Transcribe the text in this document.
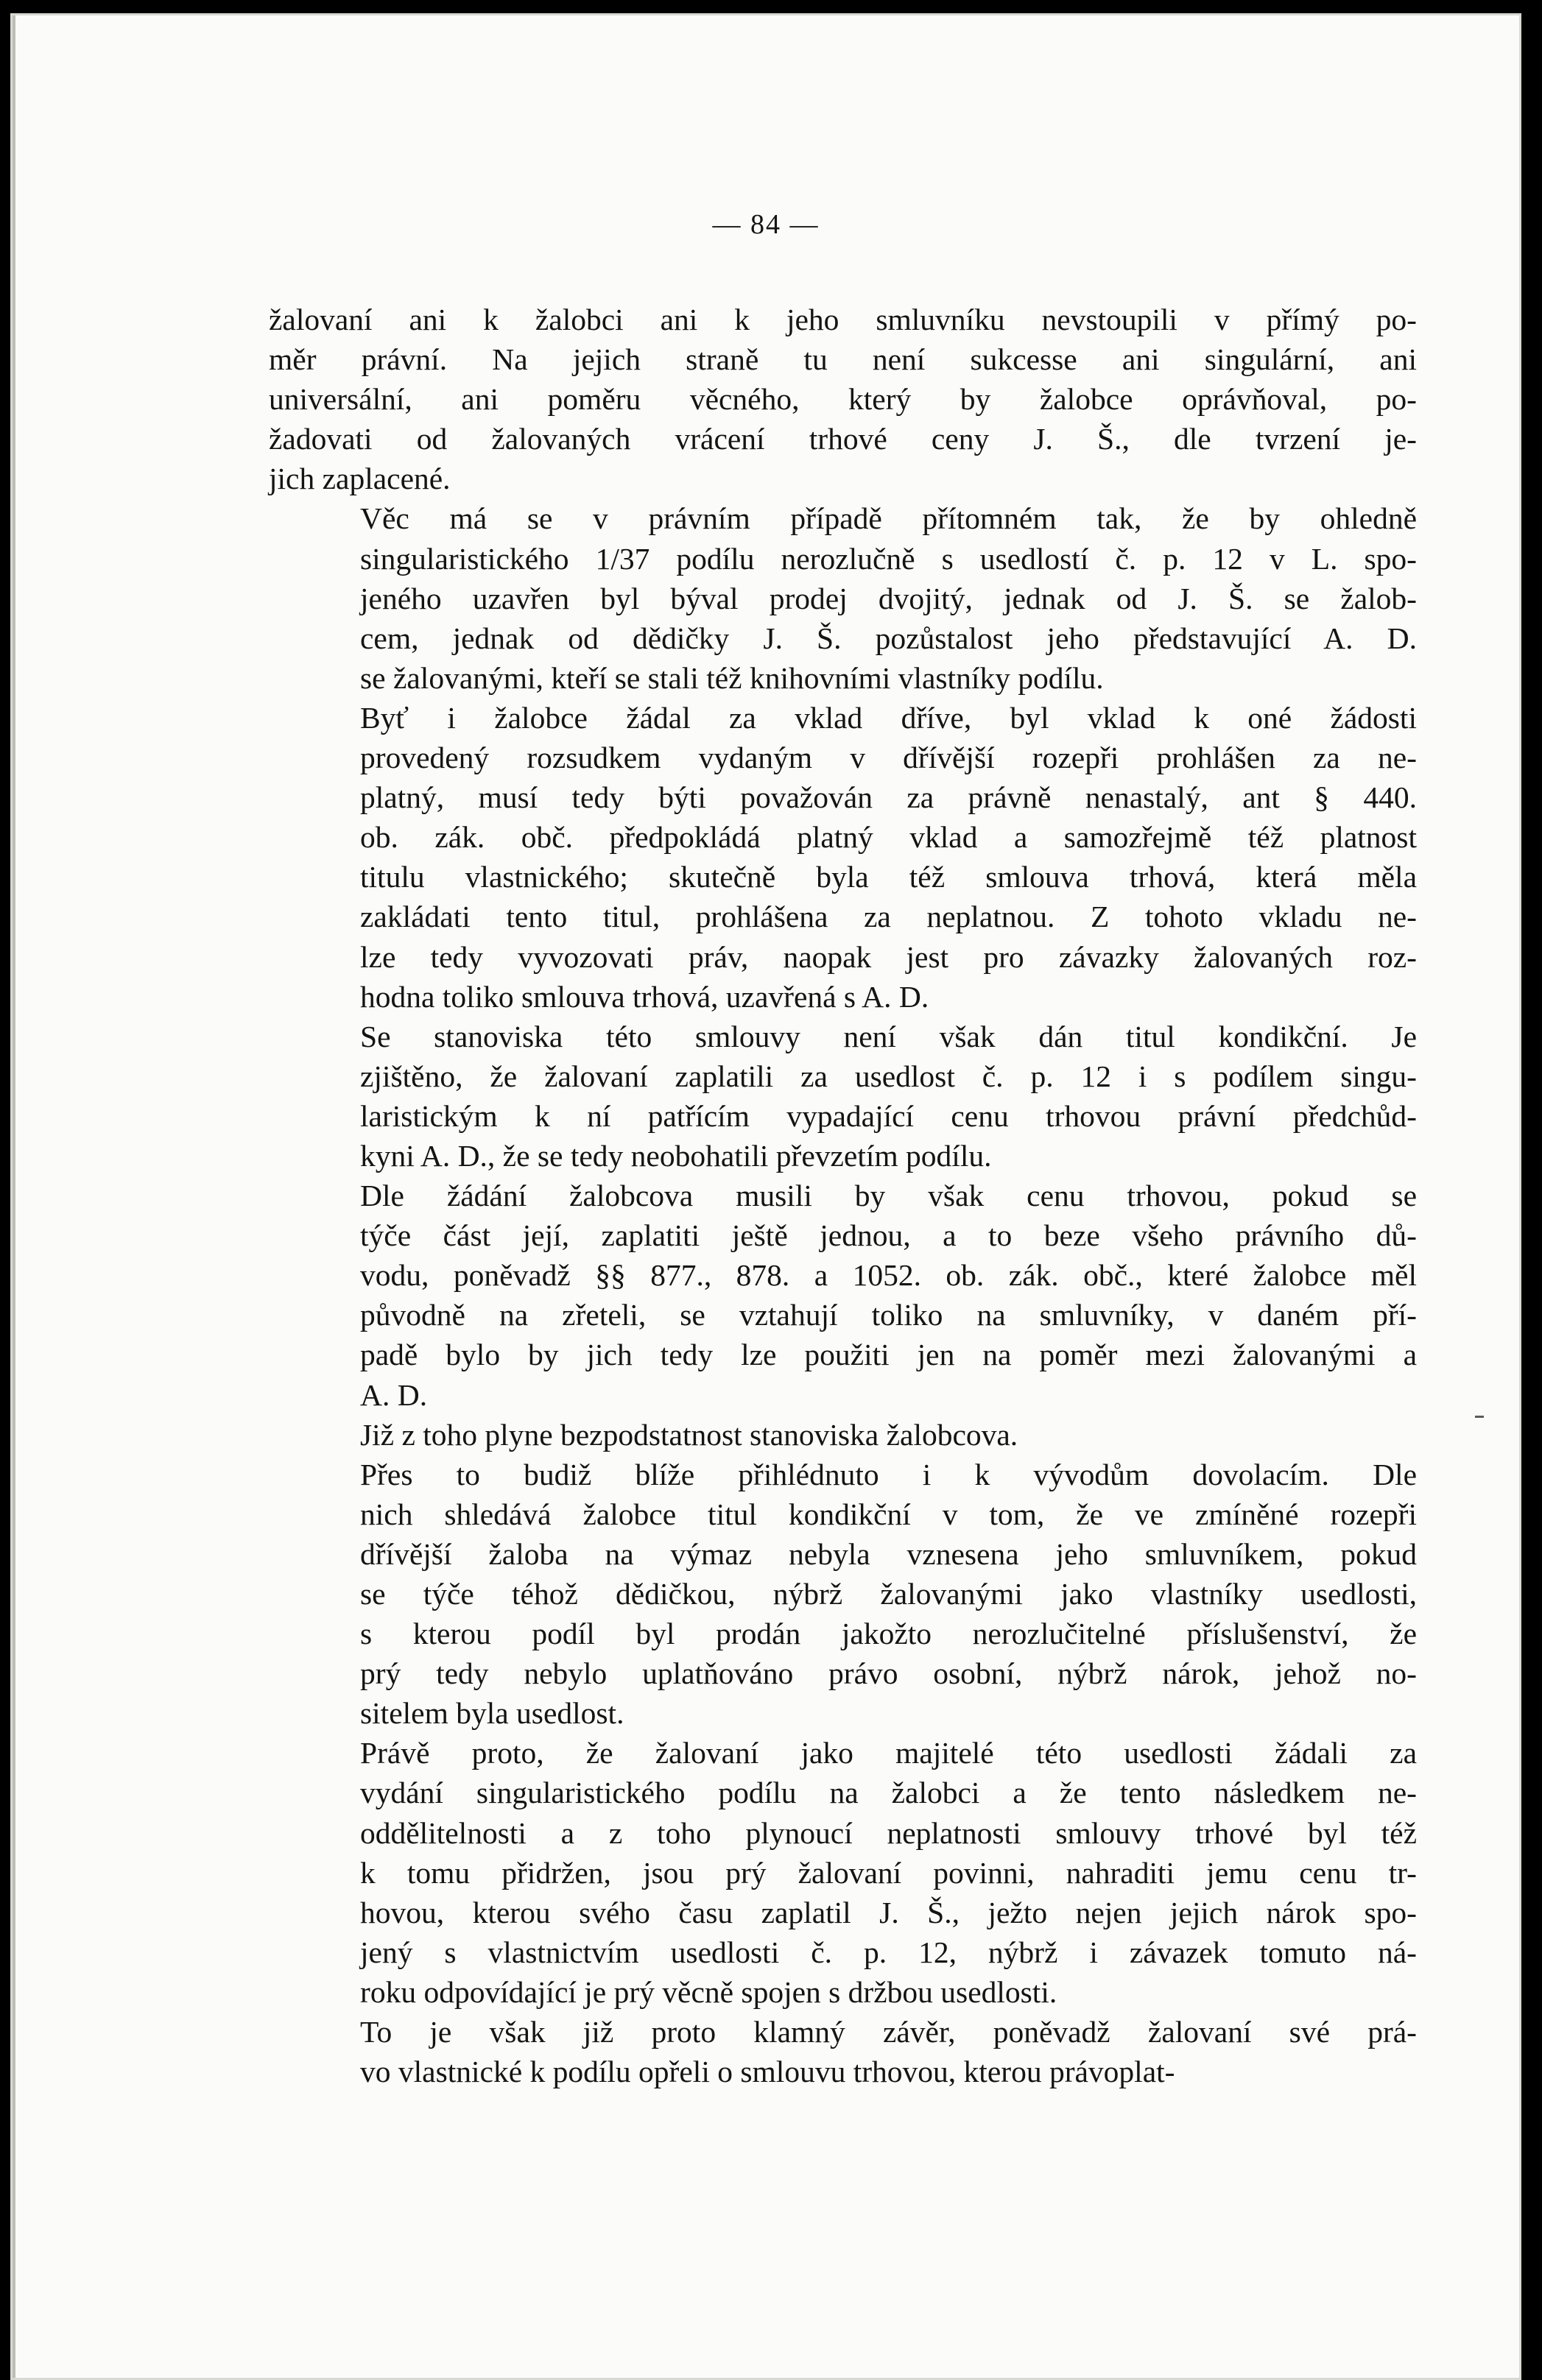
— 84 —

žalovaní ani k žalobci ani k jeho smluvníku nevstoupili v přímý po-
měr právní. Na jejich straně tu není sukcesse ani singulární, ani
universální, ani poměru věcného, který by žalobce oprávňoval, po-
žadovati od žalovaných vrácení trhové ceny J. Š., dle tvrzení je-
jich zaplacené.

Věc má se v právním případě přítomném tak, že by ohledně
singularistického 1/37 podílu nerozlučně s usedlostí č. p. 12 v L. spo-
jeného uzavřen byl býval prodej dvojitý, jednak od J. Š. se žalob-
cem, jednak od dědičky J. Š. pozůstalost jeho představující A. D.
se žalovanými, kteří se stali též knihovními vlastníky podílu.

Byť i žalobce žádal za vklad dříve, byl vklad k oné žádosti
provedený rozsudkem vydaným v dřívější rozepři prohlášen za ne-
platný, musí tedy býti považován za právně nenastalý, ant § 440.
ob. zák. obč. předpokládá platný vklad a samozřejmě též platnost
titulu vlastnického; skutečně byla též smlouva trhová, která měla
zakládati tento titul, prohlášena za neplatnou. Z tohoto vkladu ne-
lze tedy vyvozovati práv, naopak jest pro závazky žalovaných roz-
hodna toliko smlouva trhová, uzavřená s A. D.

Se stanoviska této smlouvy není však dán titul kondikční. Je
zjištěno, že žalovaní zaplatili za usedlost č. p. 12 i s podílem singu-
laristickým k ní patřícím vypadající cenu trhovou právní předchůd-
kyni A. D., že se tedy neobohatili převzetím podílu.

Dle žádání žalobcova musili by však cenu trhovou, pokud se
týče část její, zaplatiti ještě jednou, a to beze všeho právního dů-
vodu, poněvadž §§ 877., 878. a 1052. ob. zák. obč., které žalobce měl
původně na zřeteli, se vztahují toliko na smluvníky, v daném pří-
padě bylo by jich tedy lze použiti jen na poměr mezi žalovanými a
A. D.

Již z toho plyne bezpodstatnost stanoviska žalobcova.

Přes to budiž blíže přihlédnuto i k vývodům dovolacím. Dle
nich shledává žalobce titul kondikční v tom, že ve zmíněné rozepři
dřívější žaloba na výmaz nebyla vznesena jeho smluvníkem, pokud
se týče téhož dědičkou, nýbrž žalovanými jako vlastníky usedlosti,
s kterou podíl byl prodán jakožto nerozlučitelné příslušenství, že
prý tedy nebylo uplatňováno právo osobní, nýbrž nárok, jehož no-
sitelem byla usedlost.

Právě proto, že žalovaní jako majitelé této usedlosti žádali za
vydání singularistického podílu na žalobci a že tento následkem ne-
oddělitelnosti a z toho plynoucí neplatnosti smlouvy trhové byl též
k tomu přidržen, jsou prý žalovaní povinni, nahraditi jemu cenu tr-
hovou, kterou svého času zaplatil J. Š., ježto nejen jejich nárok spo-
jený s vlastnictvím usedlosti č. p. 12, nýbrž i závazek tomuto ná-
roku odpovídající je prý věcně spojen s držbou usedlosti.

To je však již proto klamný závěr, poněvadž žalovaní své prá-
vo vlastnické k podílu opřeli o smlouvu trhovou, kterou právoplat-
